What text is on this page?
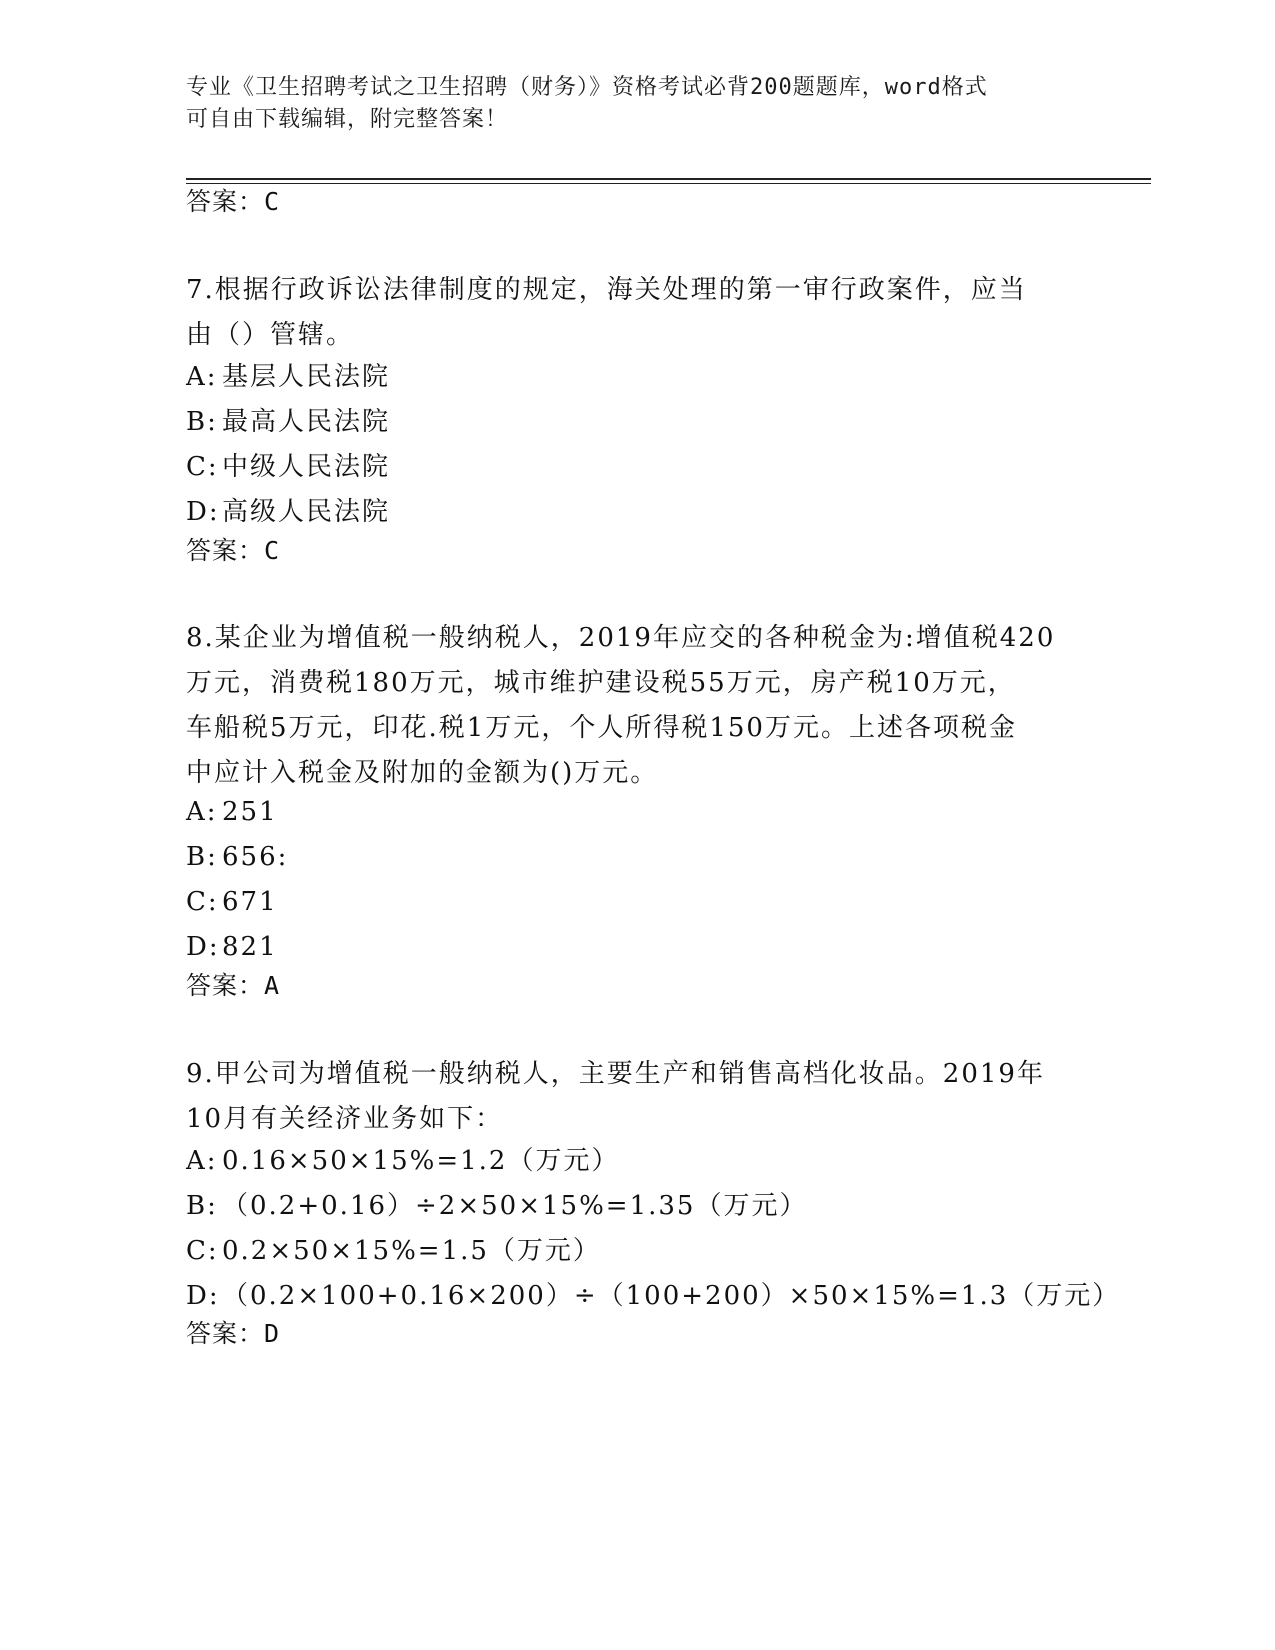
专业《卫生招聘考试之卫生招聘（财务）》资格考试必背200题题库，word格式
可自由下载编辑，附完整答案！
答案：C
7.根据行政诉讼法律制度的规定，海关处理的第一审行政案件，应当
由（）管辖。
A: 基层人民法院
B: 最高人民法院
C: 中级人民法院
D:高级人民法院
答案：C
8.某企业为增值税一般纳税人，2019年应交的各种税金为:增值税420
万元，消费税180万元，城市维护建设税55万元，房产税10万元，
车船税5万元，印花.税1万元，个人所得税150万元。上述各项税金
中应计入税金及附加的金额为()万元。
A: 251
B: 656:
C: 671
D:821
答案：A
9.甲公司为增值税一般纳税人，主要生产和销售高档化妆品。2019年
10月有关经济业务如下：
A: 0.16×50×15%=1.2（万元）
B: （0.2+0.16）÷2×50×15%=1.35（万元）
C: 0.2×50×15%=1.5（万元）
D:（0.2×100+0.16×200）÷（100+200）×50×15%=1.3（万元）
答案：D
